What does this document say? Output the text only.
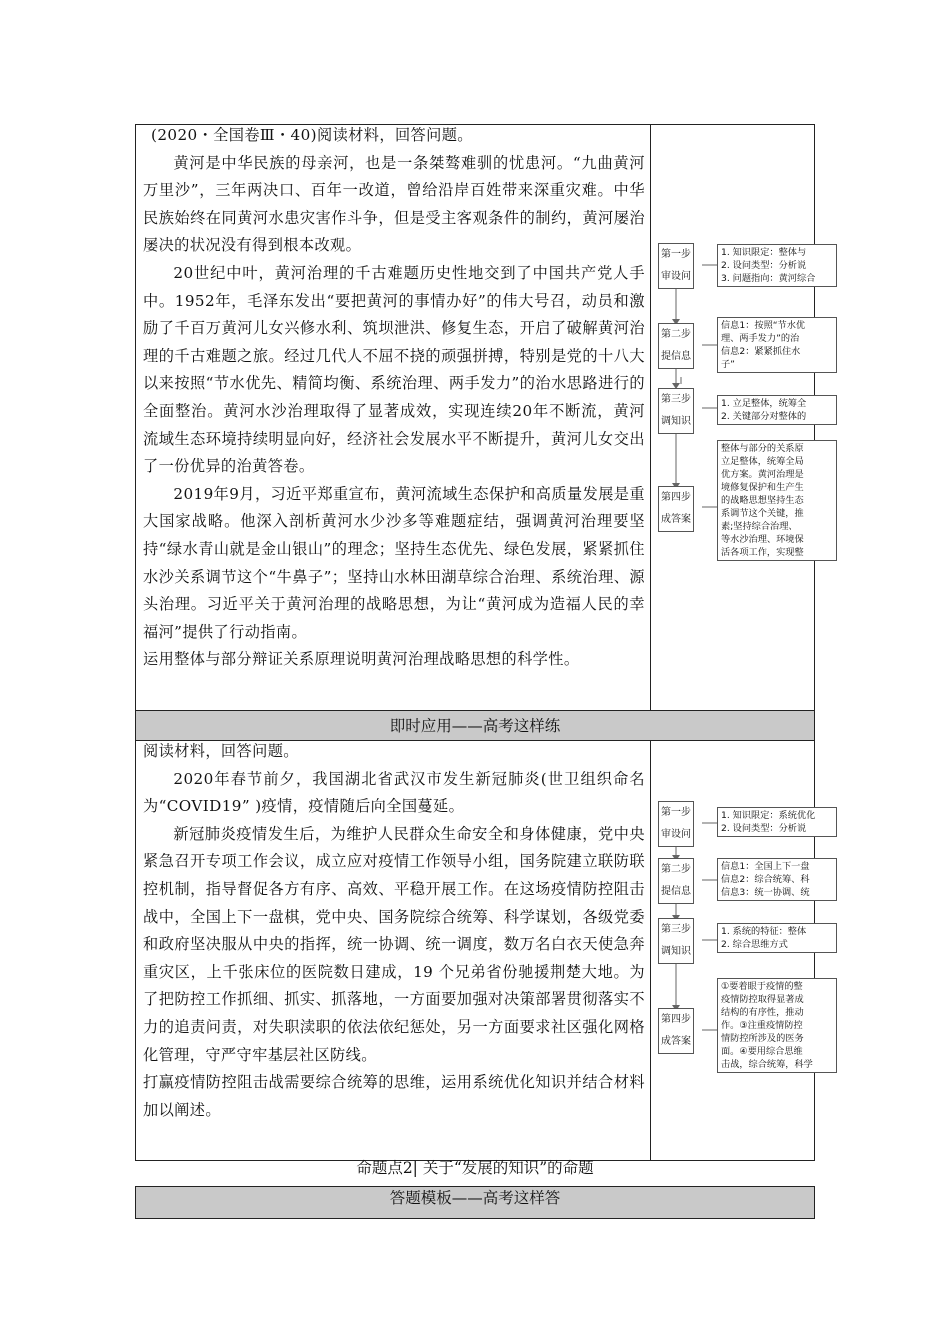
(2020・全国卷Ⅲ・40)阅读材料，回答问题。

黄河是中华民族的母亲河，也是一条桀骜难驯的忧患河。“九曲黄河万里沙”，三年两决口、百年一改道，曾给沿岸百姓带来深重灾难。中华民族始终在同黄河水患灾害作斗争，但是受主客观条件的制约，黄河屡治屡决的状况没有得到根本改观。

20世纪中叶，黄河治理的千古难题历史性地交到了中国共产党人手中。1952年，毛泽东发出“要把黄河的事情办好”的伟大号召，动员和激励了千百万黄河儿女兴修水利、筑坝泄洪、修复生态，开启了破解黄河治理的千古难题之旅。经过几代人不屈不挠的顽强拼搏，特别是党的十八大以来按照“节水优先、精简均衡、系统治理、两手发力”的治水思路进行的全面整治。黄河水沙治理取得了显著成效，实现连续20年不断流，黄河流域生态环境持续明显向好，经济社会发展水平不断提升，黄河儿女交出了一份优异的治黄答卷。

2019年9月，习近平郑重宣布，黄河流域生态保护和高质量发展是重大国家战略。他深入剖析黄河水少沙多等难题症结，强调黄河治理要坚持“绿水青山就是金山银山”的理念；坚持生态优先、绿色发展，紧紧抓住水沙关系调节这个“牛鼻子”；坚持山水林田湖草综合治理、系统治理、源头治理。习近平关于黄河治理的战略思想，为让“黄河成为造福人民的幸福河”提供了行动指南。

运用整体与部分辩证关系原理说明黄河治理战略思想的科学性。

第一步
审设问
1. 知识限定：整体与
2. 设问类型：分析说
3. 问题指向：黄河综合
第二步
提信息
信息1：按照“节水优
理、两手发力”的治
信息2：紧紧抓住水
子”
第三步
调知识
1. 立足整体，统筹全
2. 关键部分对整体的
第四步
成答案
整体与部分的关系原
立足整体，统筹全局
优方案。黄河治理是
境修复保护和生产生
的战略思想坚持生态
系调节这个关键，推
素;坚持综合治理、
等水沙治理、环境保
活各项工作，实现整
即时应用——高考这样练

阅读材料，回答问题。

2020年春节前夕，我国湖北省武汉市发生新冠肺炎(世卫组织命名为“COVID19” )疫情，疫情随后向全国蔓延。

新冠肺炎疫情发生后，为维护人民群众生命安全和身体健康，党中央紧急召开专项工作会议，成立应对疫情工作领导小组，国务院建立联防联控机制，指导督促各方有序、高效、平稳开展工作。在这场疫情防控阻击战中，全国上下一盘棋，党中央、国务院综合统筹、科学谋划，各级党委和政府坚决服从中央的指挥，统一协调、统一调度，数万名白衣天使急奔重灾区，上千张床位的医院数日建成，19 个兄弟省份驰援荆楚大地。为了把防控工作抓细、抓实、抓落地，一方面要加强对决策部署贯彻落实不力的追责问责，对失职渎职的依法依纪惩处，另一方面要求社区强化网格化管理，守严守牢基层社区防线。

打赢疫情防控阻击战需要综合统筹的思维，运用系统优化知识并结合材料加以阐述。

第一步
审设问
1. 知识限定：系统优化
2. 设问类型：分析说
第二步
提信息
信息1：全国上下一盘
信息2：综合统筹、科
信息3：统一协调、统
第三步
调知识
1. 系统的特征：整体
2. 综合思维方式
第四步
成答案
①要着眼于疫情的整
疫情防控取得显著成
结构的有序性，推动
作。③注重疫情防控
情防控所涉及的医务
面。④要用综合思维
击战，综合统筹，科学
命题点2| 关于“发展的知识”的命题
答题模板——高考这样答
